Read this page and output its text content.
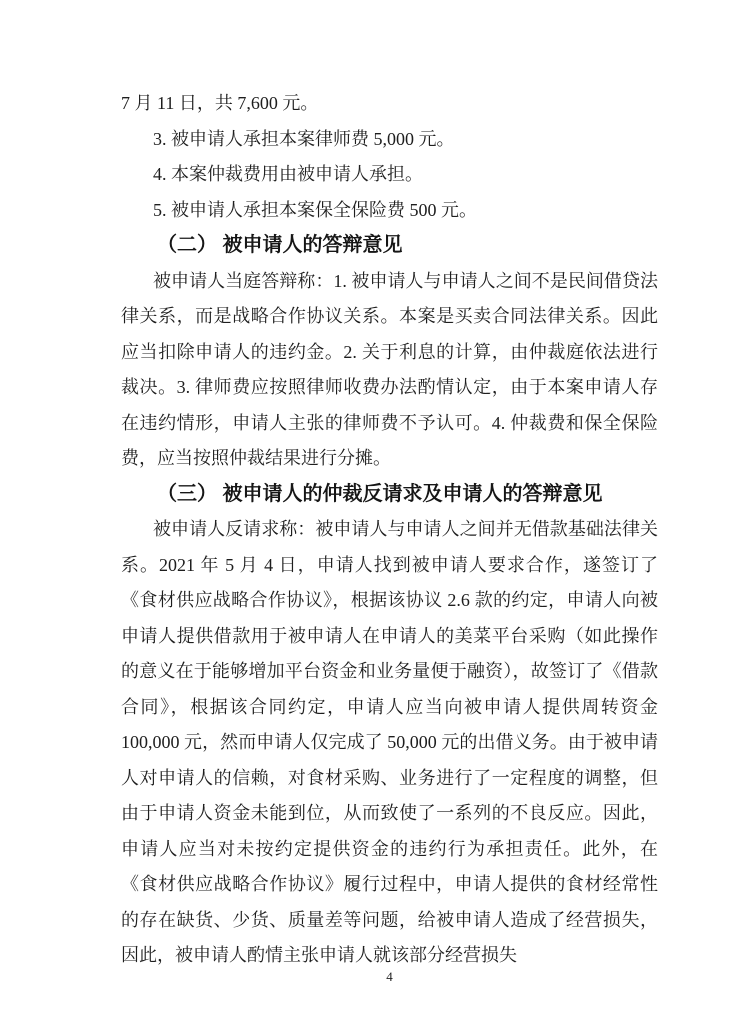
7 月 11 日，共 7,600 元。

3. 被申请人承担本案律师费 5,000 元。

4. 本案仲裁费用由被申请人承担。

5. 被申请人承担本案保全保险费 500 元。

（二） 被申请人的答辩意见

被申请人当庭答辩称：1. 被申请人与申请人之间不是民间借贷法律关系，而是战略合作协议关系。本案是买卖合同法律关系。因此应当扣除申请人的违约金。2. 关于利息的计算，由仲裁庭依法进行裁决。3. 律师费应按照律师收费办法酌情认定，由于本案申请人存在违约情形，申请人主张的律师费不予认可。4. 仲裁费和保全保险费，应当按照仲裁结果进行分摊。

（三） 被申请人的仲裁反请求及申请人的答辩意见

被申请人反请求称：被申请人与申请人之间并无借款基础法律关系。2021 年 5 月 4 日，申请人找到被申请人要求合作，遂签订了《食材供应战略合作协议》，根据该协议 2.6 款的约定，申请人向被申请人提供借款用于被申请人在申请人的美菜平台采购（如此操作的意义在于能够增加平台资金和业务量便于融资），故签订了《借款合同》，根据该合同约定，申请人应当向被申请人提供周转资金 100,000 元，然而申请人仅完成了 50,000 元的出借义务。由于被申请人对申请人的信赖，对食材采购、业务进行了一定程度的调整，但由于申请人资金未能到位，从而致使了一系列的不良反应。因此，申请人应当对未按约定提供资金的违约行为承担责任。此外，在《食材供应战略合作协议》履行过程中，申请人提供的食材经常性的存在缺货、少货、质量差等问题，给被申请人造成了经营损失，因此，被申请人酌情主张申请人就该部分经营损失

4
